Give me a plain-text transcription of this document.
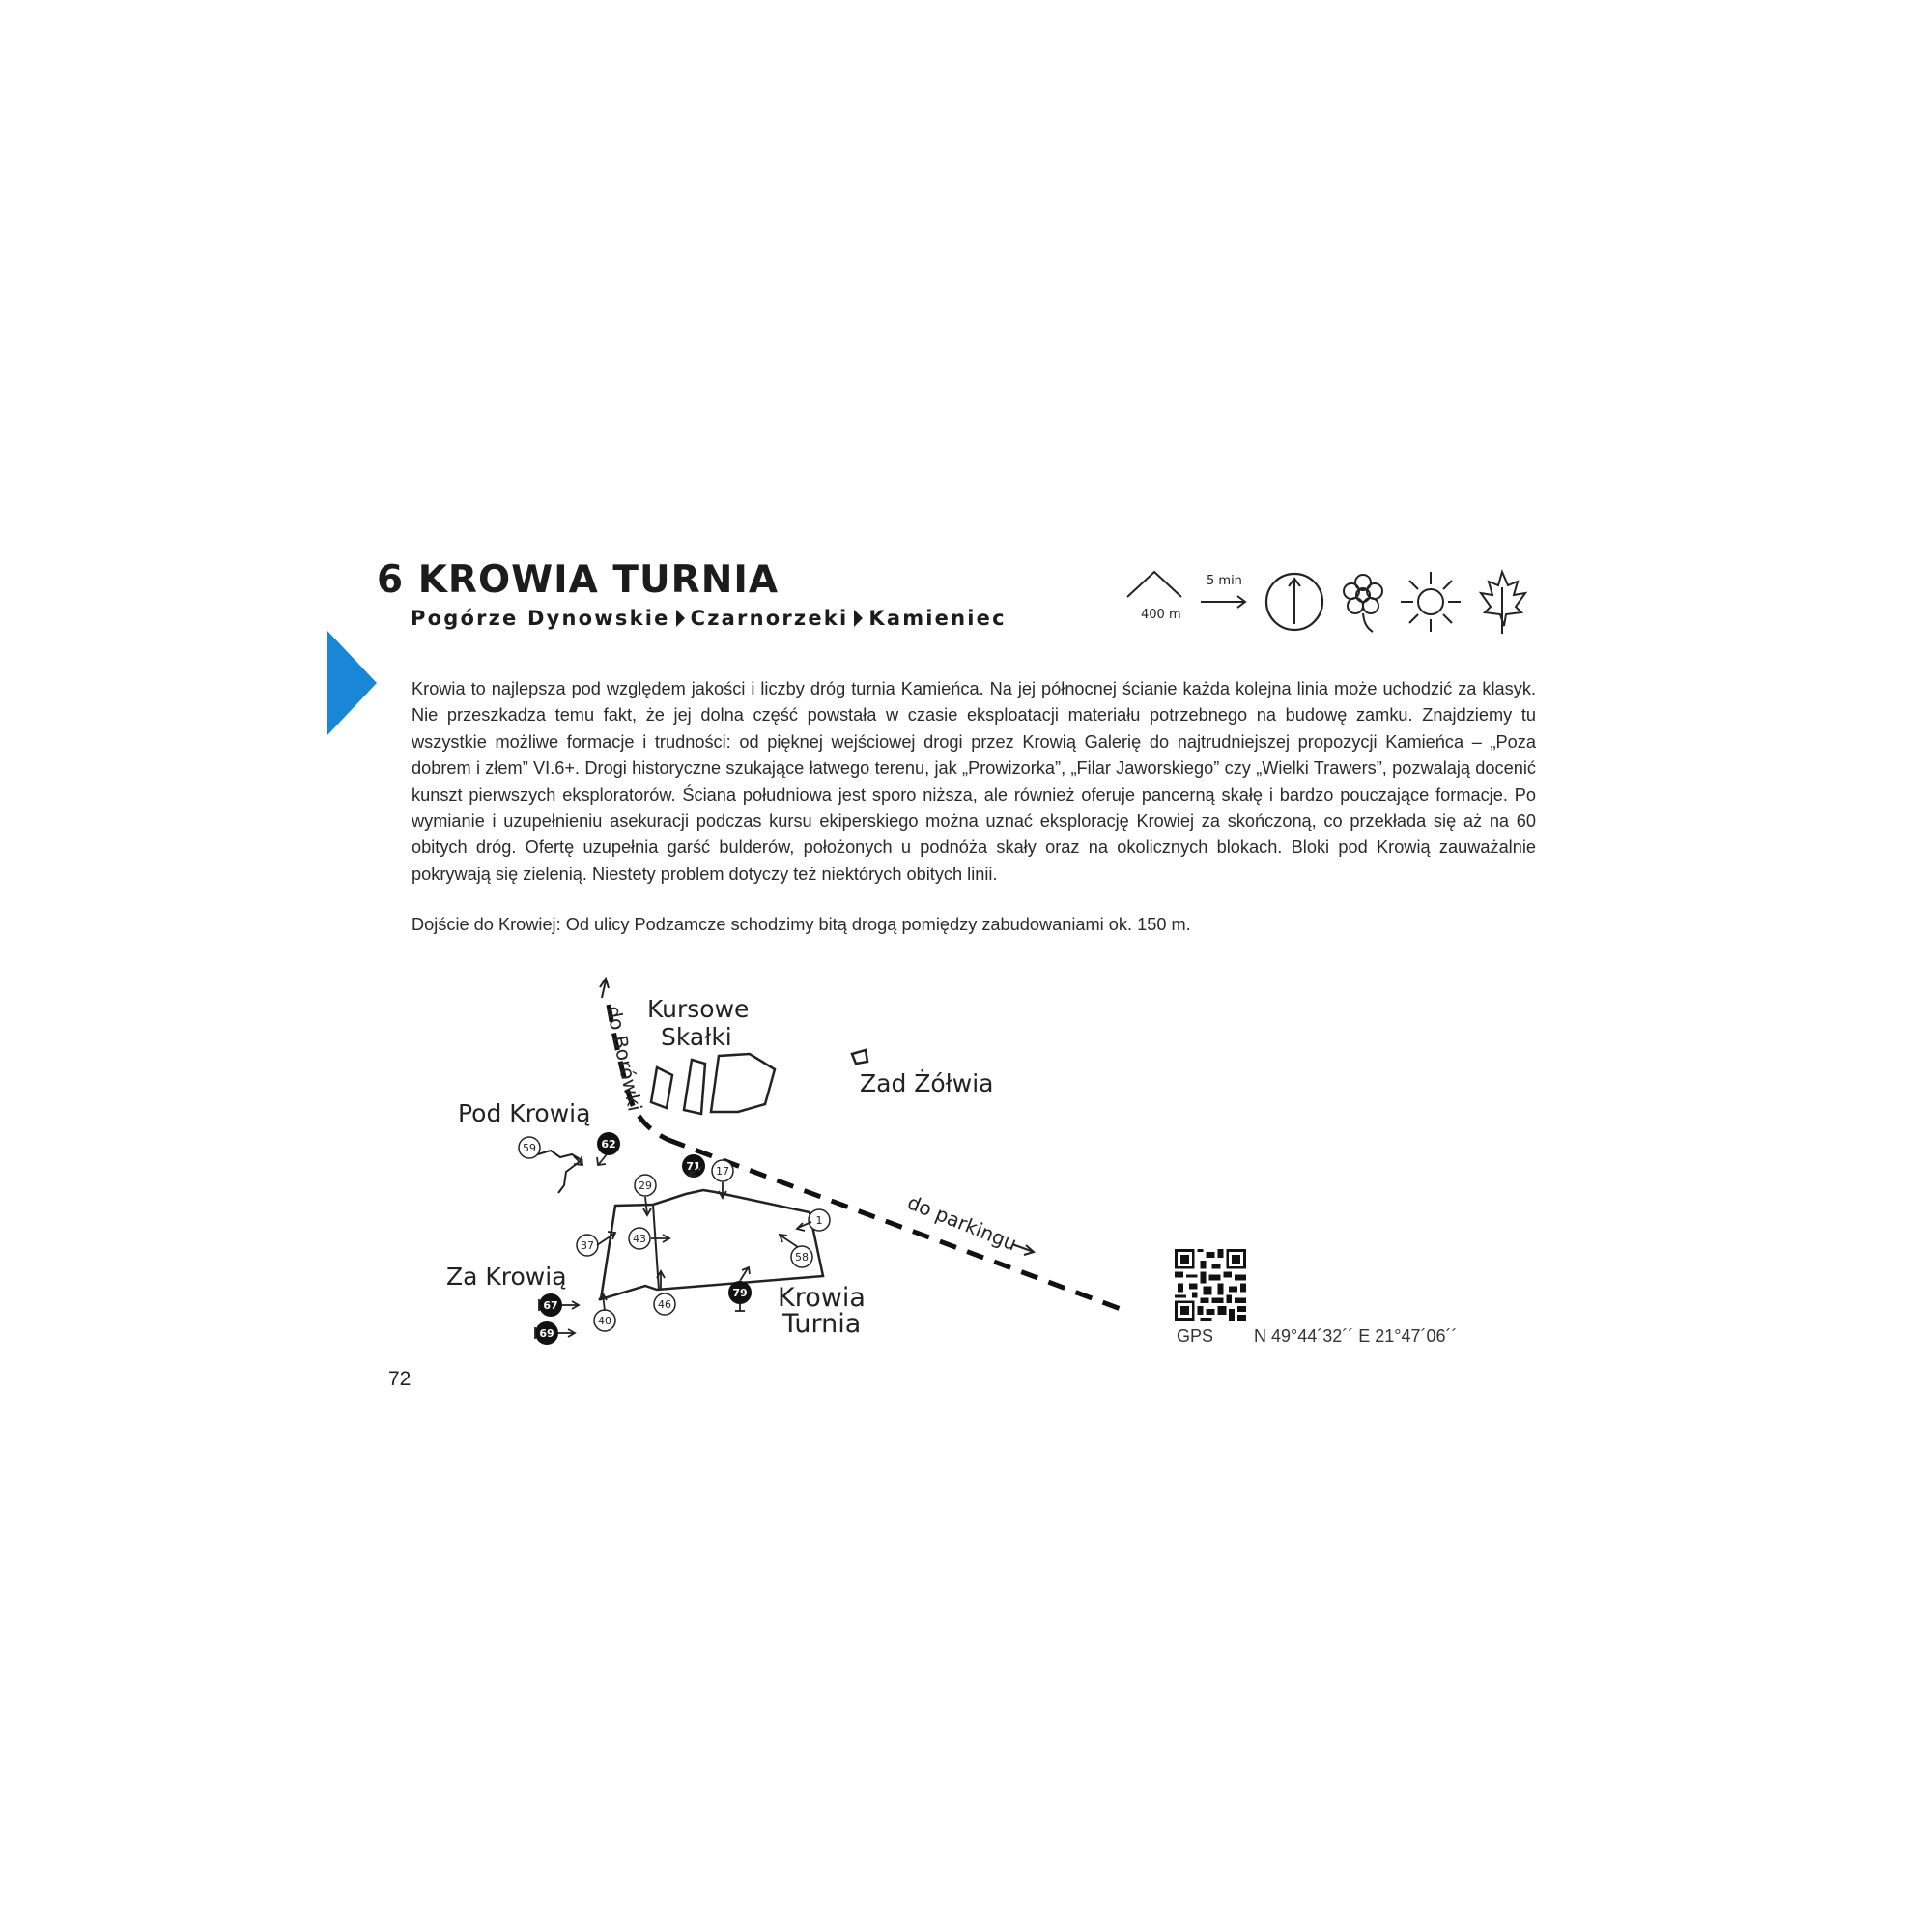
6 KROWIA TURNIA
Pogórze Dynowskie Czarnorzeki Kamieniec	400 m
5 min

Krowia to najlepsza pod względem jakości i liczby dróg turnia Kamieńca. Na jej północnej ścianie każda kolejna linia może uchodzić za klasyk. Nie przeszkadza temu fakt, że jej dolna część powstała w czasie eksploatacji materiału potrzebnego na budowę zamku. Znajdziemy tu wszystkie możliwe formacje i trudności: od pięknej wejściowej drogi przez Krowią Galerię do najtrudniejszej propozycji Kamieńca – „Poza dobrem i złem” VI.6+. Drogi historyczne szukające łatwego terenu, jak „Prowizorka”, „Filar Jaworskiego” czy „Wielki Trawers”, pozwalają docenić kunszt pierwszych eksploratorów. Ściana południowa jest sporo niższa, ale również oferuje pancerną skałę i bardzo pouczające formacje. Po wymianie i uzupełnieniu asekuracji podczas kursu ekiperskiego można uznać eksplorację Krowiej za skończoną, co przekłada się aż na 60 obitych dróg. Ofertę uzupełnia garść bulderów, położonych u podnóża skały oraz na okolicznych blokach. Bloki pod Krowią zauważalnie pokrywają się zielenią. Niestety problem dotyczy też niektórych obitych linii.

Dojście do Krowiej: Od ulicy Podzamcze schodzimy bitą drogą pomiędzy zabudowaniami ok. 150 m.

do Borówki
do parkingu
Kursowe
Skałki
Zad Żółwia
Pod Krowią
59	62
Krowia
Turnia
71 17
29
43
37
1
58
79
46
40
Za Krowią
67
69	GPS N 49°44´32´´ E 21°47´06´´
72
